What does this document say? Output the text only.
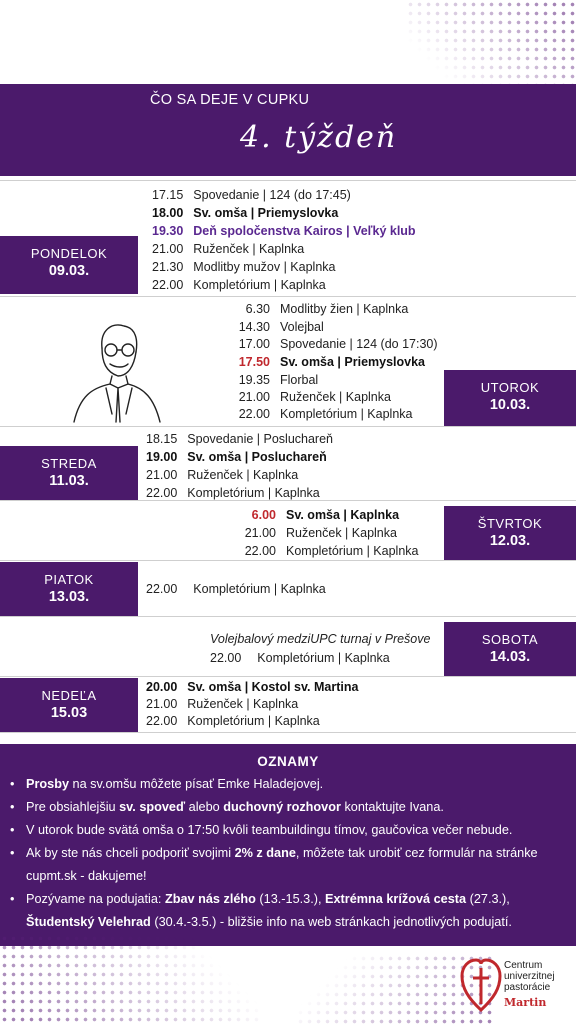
ČO SA DEJE V CUPKU
4. týždeň
PONDELOK
09.03.
17.15 Spovedanie | 124 (do 17:45)
18.00 Sv. omša | Priemyslovka
19.30 Deň spoločenstva Kairos | Veľký klub
21.00 Ruženček | Kaplnka
21.30 Modlitby mužov | Kaplnka
22.00 Kompletórium | Kaplnka
UTOROK
10.03.
6.30 Modlitby žien | Kaplnka
14.30 Volejbal
17.00 Spovedanie | 124 (do 17:30)
17.50 Sv. omša | Priemyslovka
19.35 Florbal
21.00 Ruženček | Kaplnka
22.00 Kompletórium | Kaplnka
STREDA
11.03.
18.15 Spovedanie | Posluchareň
19.00 Sv. omša | Posluchareň
21.00 Ruženček | Kaplnka
22.00 Kompletórium | Kaplnka
ŠTVRTOK
12.03.
6.00 Sv. omša | Kaplnka
21.00 Ruženček | Kaplnka
22.00 Kompletórium | Kaplnka
PIATOK
13.03.	22.00 Kompletórium | Kaplnka
SOBOTA
14.03.
Volejbalový medziUPC turnaj v Prešove
22.00 Kompletórium | Kaplnka
NEDEĽA
15.03
20.00 Sv. omša | Kostol sv. Martina
21.00 Ruženček | Kaplnka
22.00 Kompletórium | Kaplnka
OZNAMY
• Prosby na sv.omšu môžete písať Emke Haladejovej.
• Pre obsiahlejšiu sv. spoveď alebo duchovný rozhovor kontaktujte Ivana.
• V utorok bude svätá omša o 17:50 kvôli teambuildingu tímov, gaučovica večer nebude.
• Ak by ste nás chceli podporiť svojimi 2% z dane, môžete tak urobiť cez formulár na stránke cupmt.sk - dakujeme!
• Pozývame na podujatia: Zbav nás zlého (13.-15.3.), Extrémna krížová cesta (27.3.), Študentský Velehrad (30.4.-3.5.) - bližšie info na web stránkach jednotlivých podujatí.
Centrum
univerzitnej
pastorácie
Martin
